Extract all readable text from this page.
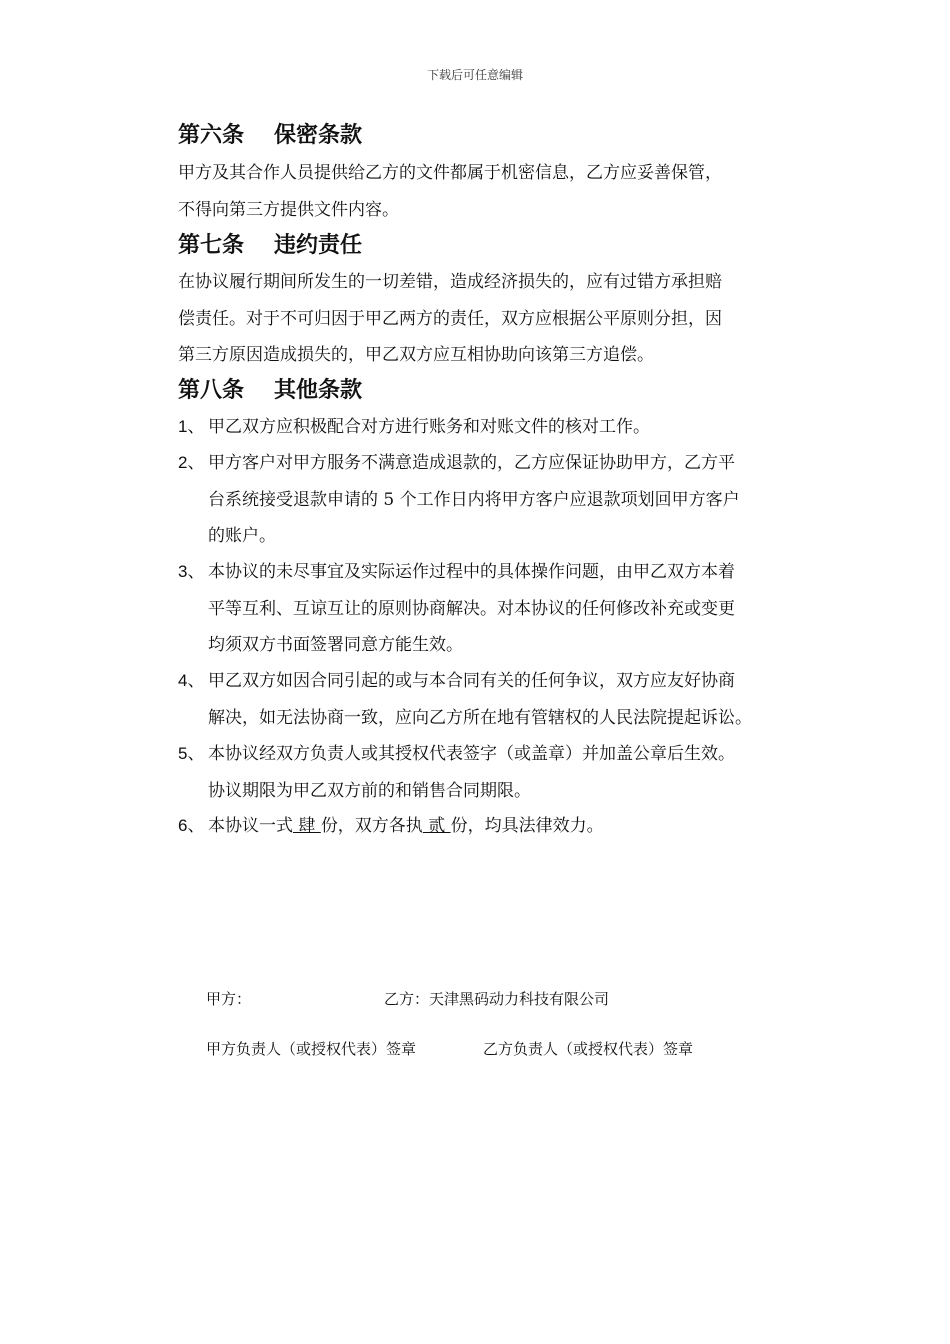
下载后可任意编辑
第六条 保密条款
甲方及其合作人员提供给乙方的文件都属于机密信息，乙方应妥善保管，
不得向第三方提供文件内容。
第七条 违约责任
在协议履行期间所发生的一切差错，造成经济损失的，应有过错方承担赔
偿责任。对于不可归因于甲乙两方的责任，双方应根据公平原则分担，因
第三方原因造成损失的，甲乙双方应互相协助向该第三方追偿。
第八条 其他条款
1、 甲乙双方应积极配合对方进行账务和对账文件的核对工作。
2、 甲方客户对甲方服务不满意造成退款的，乙方应保证协助甲方，乙方平
台系统接受退款申请的 5 个工作日内将甲方客户应退款项划回甲方客户
的账户。
3、 本协议的未尽事宜及实际运作过程中的具体操作问题，由甲乙双方本着
平等互利、互谅互让的原则协商解决。对本协议的任何修改补充或变更
均须双方书面签署同意方能生效。
4、 甲乙双方如因合同引起的或与本合同有关的任何争议，双方应友好协商
解决，如无法协商一致，应向乙方所在地有管辖权的人民法院提起诉讼。
5、 本协议经双方负责人或其授权代表签字（或盖章）并加盖公章后生效。
协议期限为甲乙双方前的和销售合同期限。
6、 本协议一式 肆 份，双方各执 贰 份，均具法律效力。
甲方：	乙方：天津黑码动力科技有限公司
甲方负责人（或授权代表）签章	乙方负责人（或授权代表）签章
